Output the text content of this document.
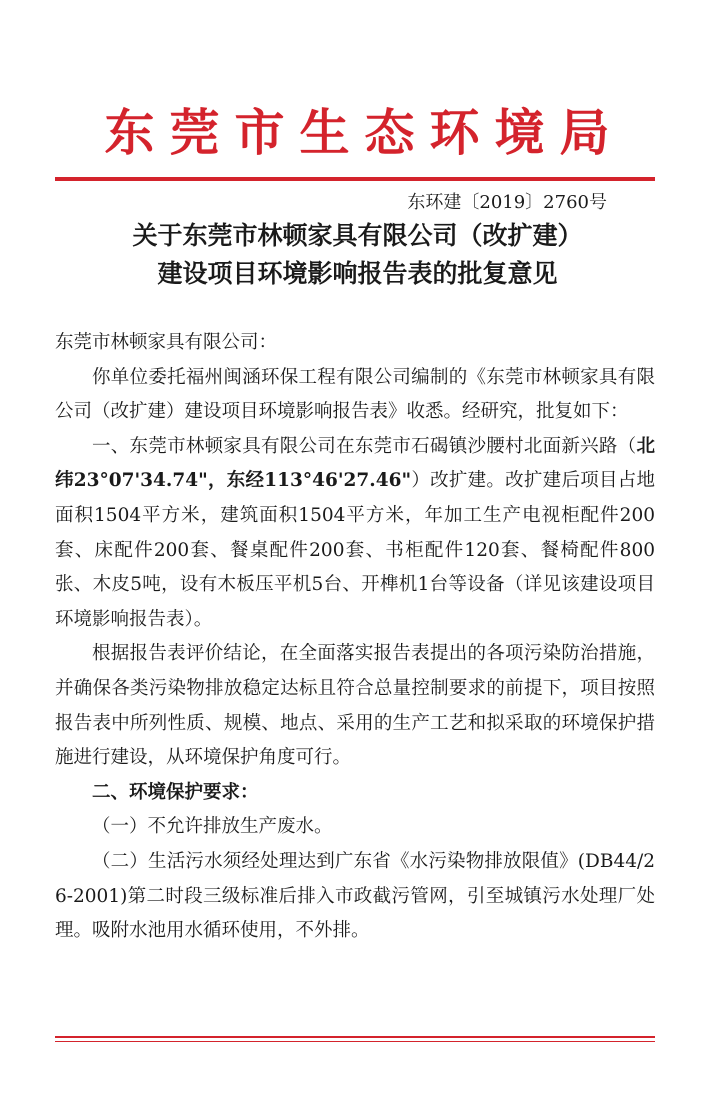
东莞市生态环境局
东环建〔2019〕2760号
关于东莞市林顿家具有限公司（改扩建）
建设项目环境影响报告表的批复意见

东莞市林顿家具有限公司：

你单位委托福州闽涵环保工程有限公司编制的《东莞市林顿家具有限公司（改扩建）建设项目环境影响报告表》收悉。经研究，批复如下：

一、东莞市林顿家具有限公司在东莞市石碣镇沙腰村北面新兴路（北纬23°07'34.74"，东经113°46'27.46"）改扩建。改扩建后项目占地面积1504平方米，建筑面积1504平方米，年加工生产电视柜配件200套、床配件200套、餐桌配件200套、书柜配件120套、餐椅配件800张、木皮5吨，设有木板压平机5台、开榫机1台等设备（详见该建设项目环境影响报告表）。

根据报告表评价结论，在全面落实报告表提出的各项污染防治措施，并确保各类污染物排放稳定达标且符合总量控制要求的前提下，项目按照报告表中所列性质、规模、地点、采用的生产工艺和拟采取的环境保护措施进行建设，从环境保护角度可行。

二、环境保护要求：

（一）不允许排放生产废水。

（二）生活污水须经处理达到广东省《水污染物排放限值》(DB44/26-2001)第二时段三级标准后排入市政截污管网，引至城镇污水处理厂处理。吸附水池用水循环使用，不外排。
